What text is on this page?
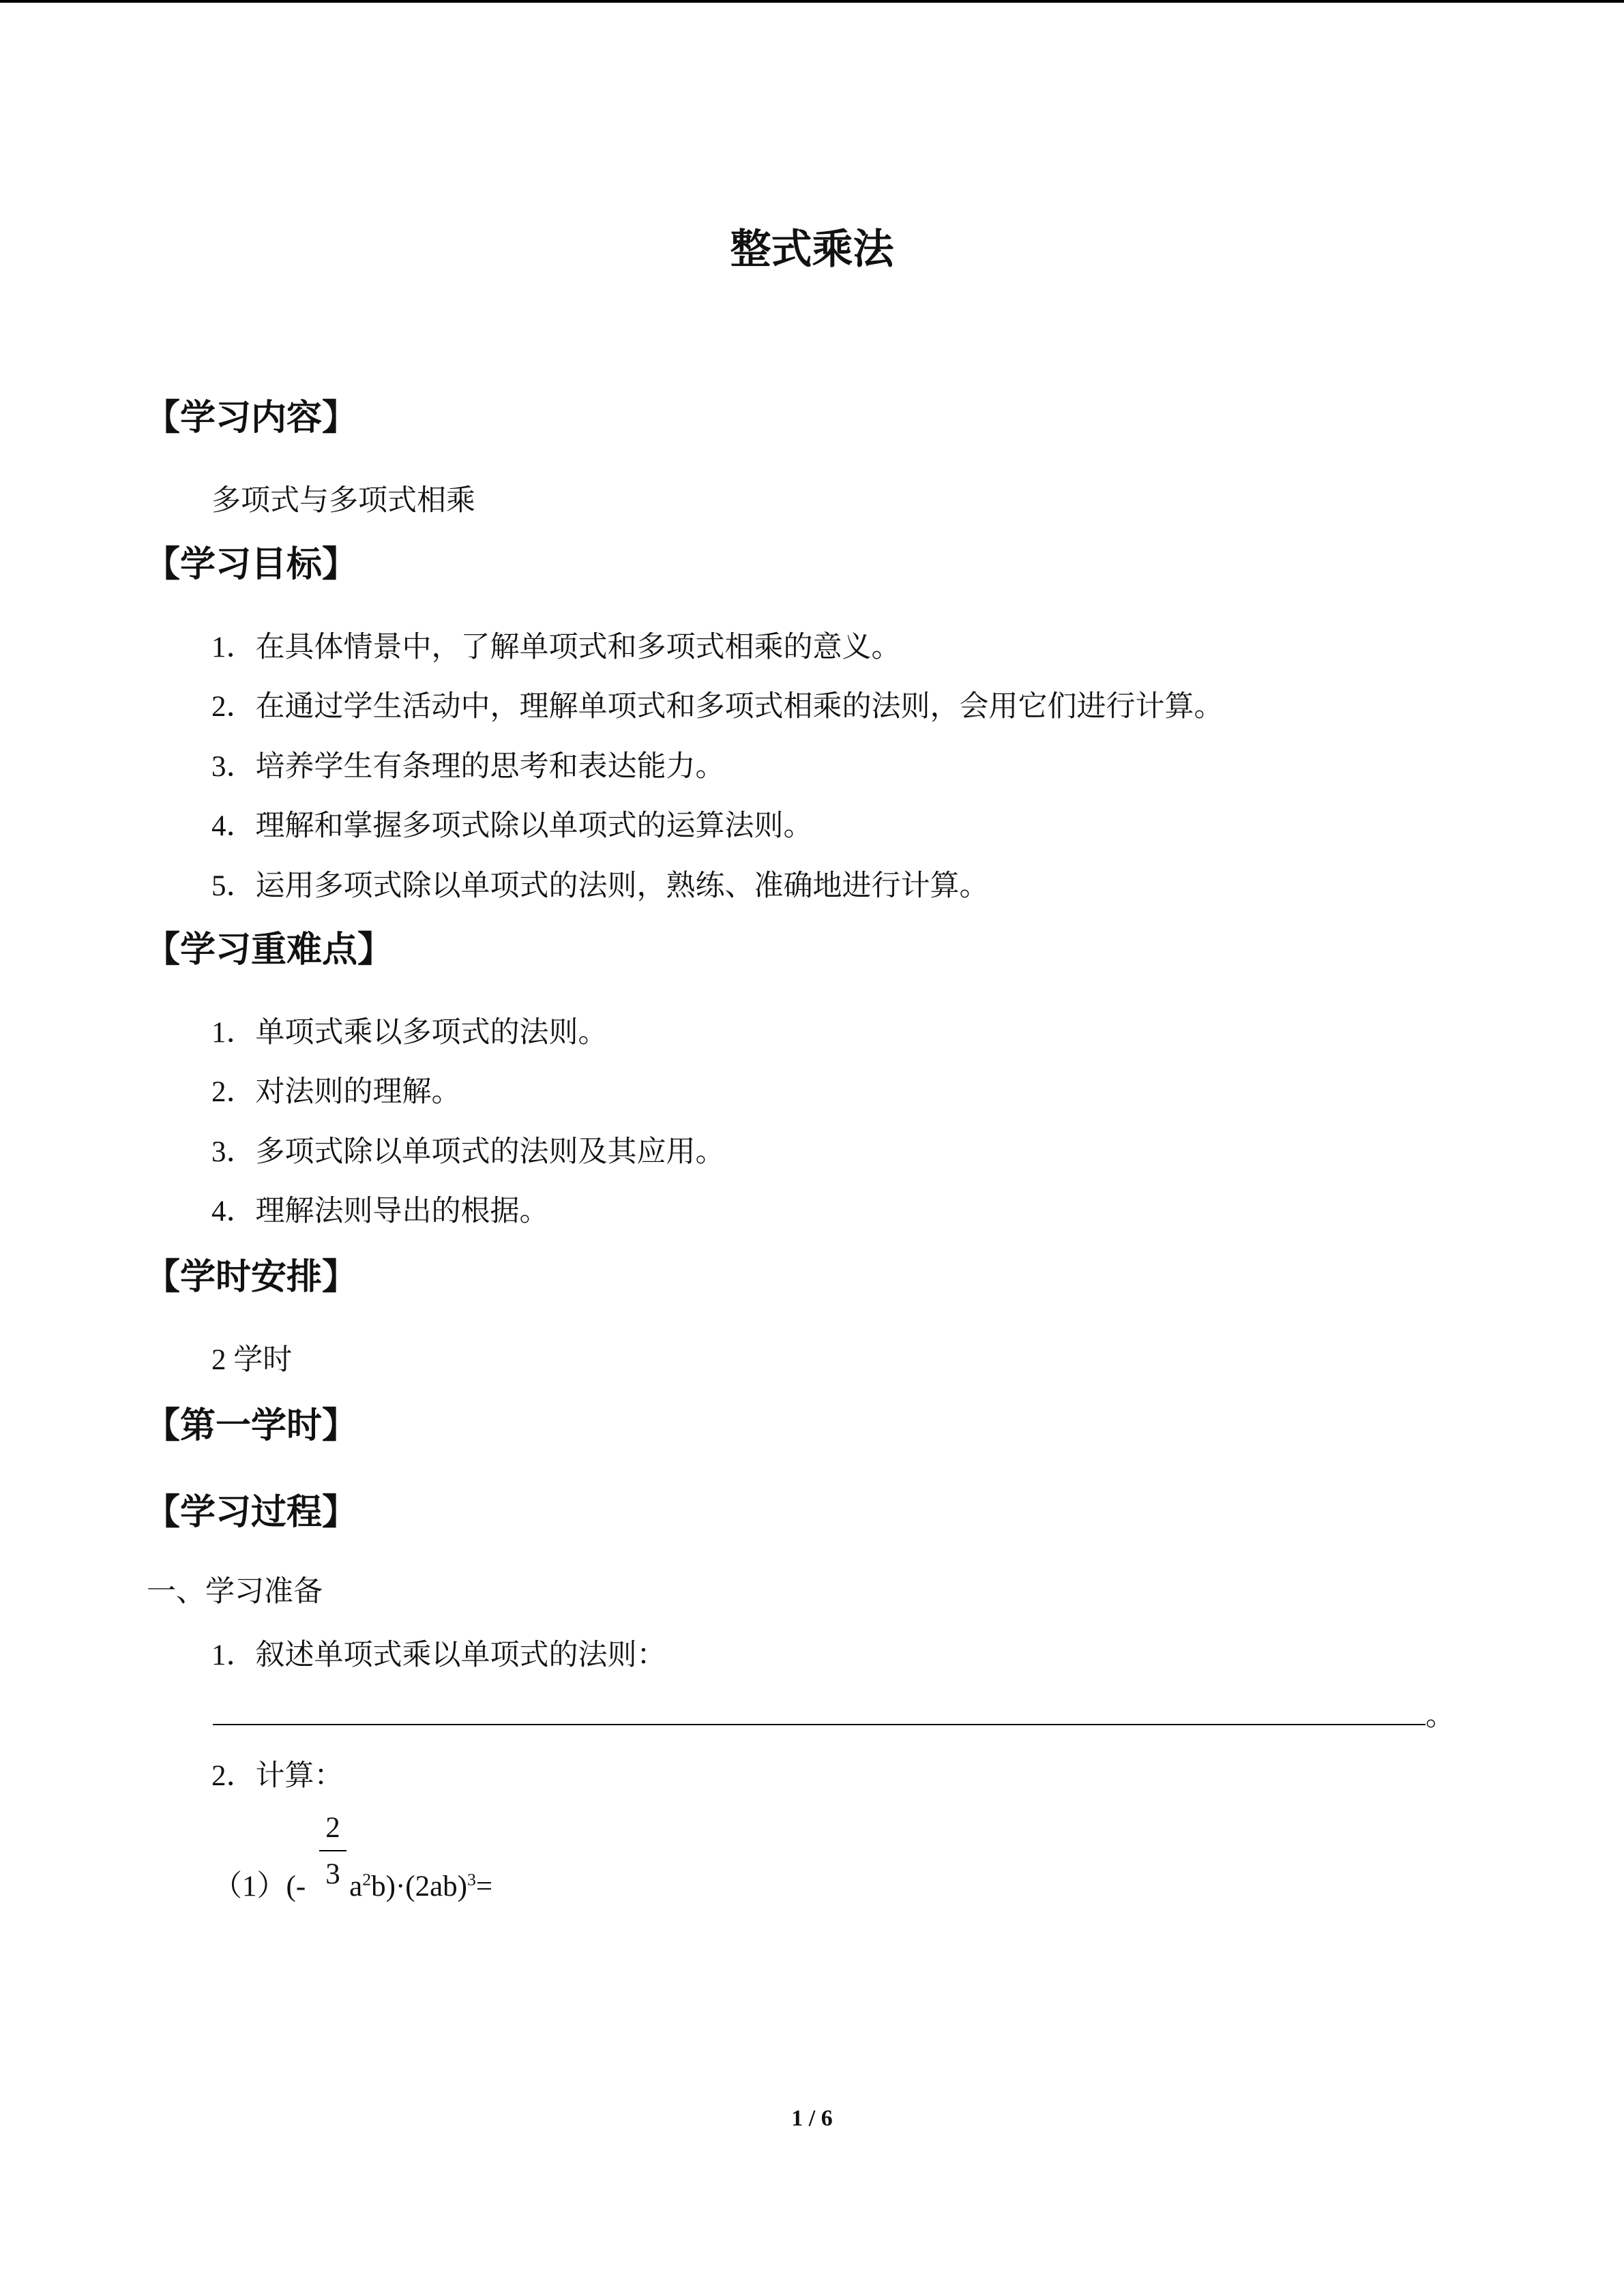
整式乘法
【学习内容】
多项式与多项式相乘
【学习目标】
1．在具体情景中，了解单项式和多项式相乘的意义。
2．在通过学生活动中，理解单项式和多项式相乘的法则，会用它们进行计算。
3．培养学生有条理的思考和表达能力。
4．理解和掌握多项式除以单项式的运算法则。
5．运用多项式除以单项式的法则，熟练、准确地进行计算。
【学习重难点】
1．单项式乘以多项式的法则。
2．对法则的理解。
3．多项式除以单项式的法则及其应用。
4．理解法则导出的根据。
【学时安排】
2 学时
【第一学时】
【学习过程】
一、学习准备
1．叙述单项式乘以单项式的法则：
。
2．计算：
2
3
（1）(- $a^2b)\cdot(2ab)^3=$
1 / 6
